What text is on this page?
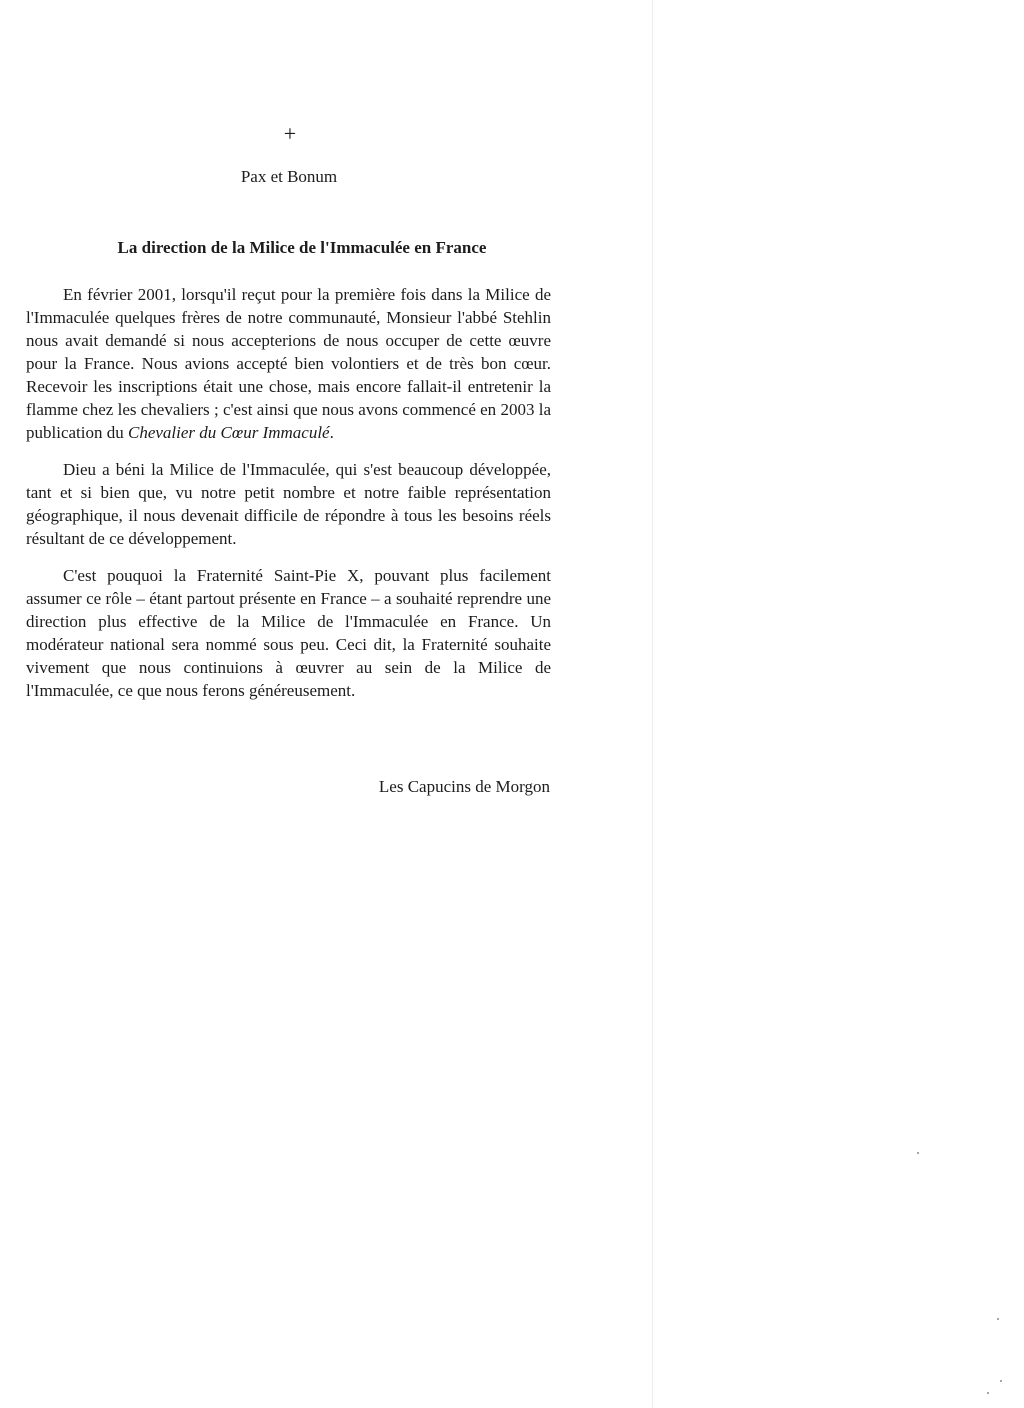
+
Pax et Bonum
La direction de la Milice de l'Immaculée en France

En février 2001, lorsqu'il reçut pour la première fois dans la Milice de l'Immaculée quelques frères de notre communauté, Monsieur l'abbé Stehlin nous avait demandé si nous accepterions de nous occuper de cette œuvre pour la France. Nous avions accepté bien volontiers et de très bon cœur. Recevoir les inscriptions était une chose, mais encore fallait-il entretenir la flamme chez les chevaliers ; c'est ainsi que nous avons commencé en 2003 la publication du Chevalier du Cœur Immaculé.

Dieu a béni la Milice de l'Immaculée, qui s'est beaucoup développée, tant et si bien que, vu notre petit nombre et notre faible représentation géographique, il nous devenait difficile de répondre à tous les besoins réels résultant de ce développement.

C'est pouquoi la Fraternité Saint-Pie X, pouvant plus facilement assumer ce rôle – étant partout présente en France – a souhaité reprendre une direction plus effective de la Milice de l'Immaculée en France. Un modérateur national sera nommé sous peu. Ceci dit, la Fraternité souhaite vivement que nous continuions à œuvrer au sein de la Milice de l'Immaculée, ce que nous ferons généreusement.

Les Capucins de Morgon
